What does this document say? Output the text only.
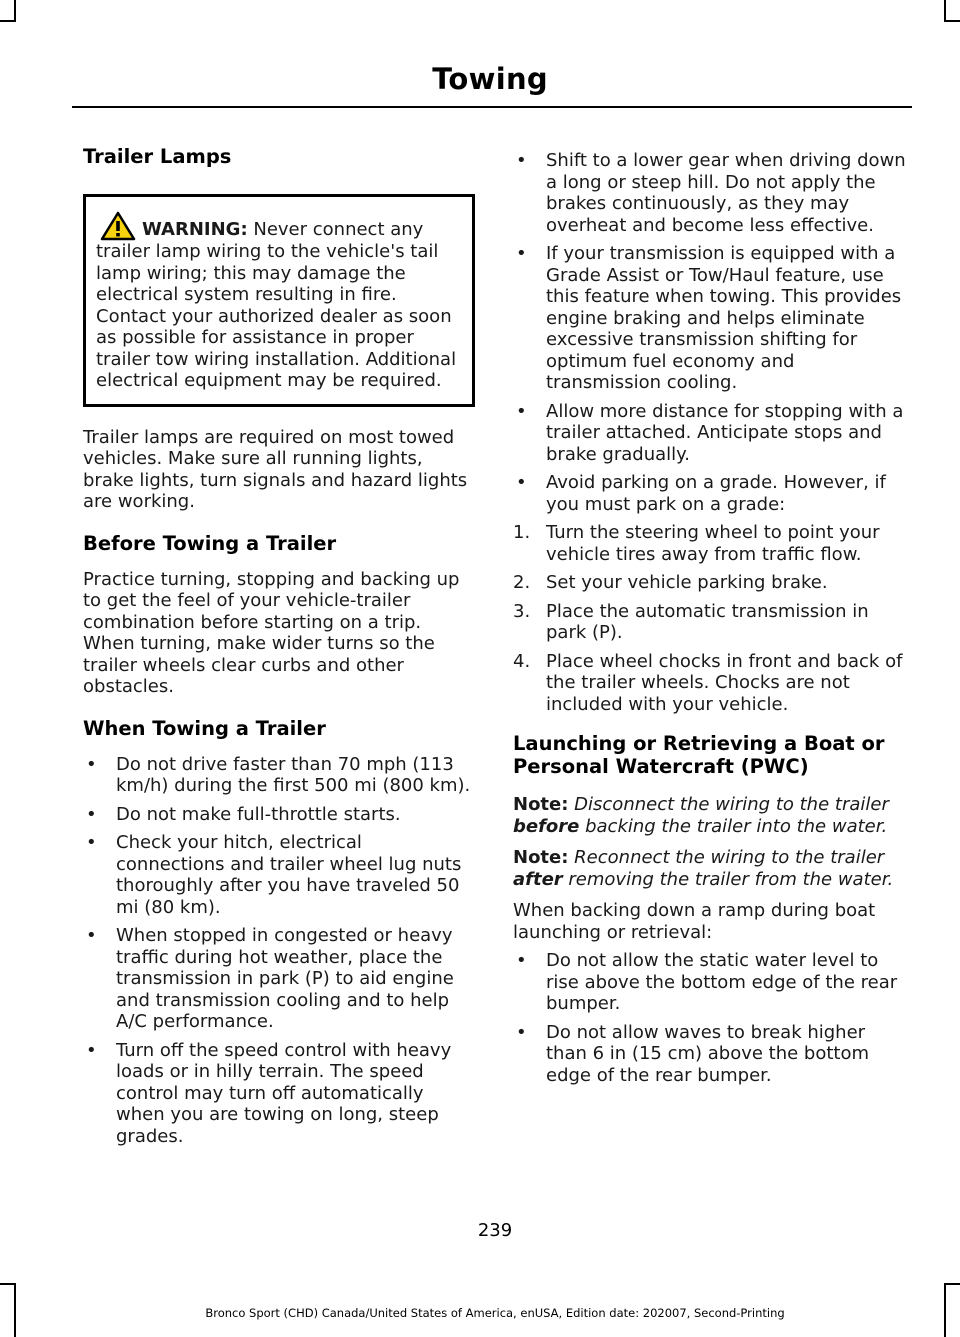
Towing
Trailer Lamps
WARNING: Never connect any trailer lamp wiring to the vehicle's tail lamp wiring; this may damage the electrical system resulting in fire. Contact your authorized dealer as soon as possible for assistance in proper trailer tow wiring installation. Additional electrical equipment may be required.

Trailer lamps are required on most towed vehicles. Make sure all running lights, brake lights, turn signals and hazard lights are working.

Before Towing a Trailer

Practice turning, stopping and backing up to get the feel of your vehicle-trailer combination before starting on a trip. When turning, make wider turns so the trailer wheels clear curbs and other obstacles.

When Towing a Trailer
• Do not drive faster than 70 mph (113 km/h) during the first 500 mi (800 km).
• Do not make full-throttle starts.
• Check your hitch, electrical connections and trailer wheel lug nuts thoroughly after you have traveled 50 mi (80 km).
• When stopped in congested or heavy traffic during hot weather, place the transmission in park (P) to aid engine and transmission cooling and to help A/C performance.
• Turn off the speed control with heavy loads or in hilly terrain. The speed control may turn off automatically when you are towing on long, steep grades.
• Shift to a lower gear when driving down a long or steep hill. Do not apply the brakes continuously, as they may overheat and become less effective.
• If your transmission is equipped with a Grade Assist or Tow/Haul feature, use this feature when towing. This provides engine braking and helps eliminate excessive transmission shifting for optimum fuel economy and transmission cooling.
• Allow more distance for stopping with a trailer attached. Anticipate stops and brake gradually.
• Avoid parking on a grade. However, if you must park on a grade:
1. Turn the steering wheel to point your vehicle tires away from traffic flow.
2. Set your vehicle parking brake.
3. Place the automatic transmission in park (P).
4. Place wheel chocks in front and back of the trailer wheels. Chocks are not included with your vehicle.
Launching or Retrieving a Boat or Personal Watercraft (PWC)

Note: Disconnect the wiring to the trailer before backing the trailer into the water.

Note: Reconnect the wiring to the trailer after removing the trailer from the water.

When backing down a ramp during boat launching or retrieval:

• Do not allow the static water level to rise above the bottom edge of the rear bumper.
• Do not allow waves to break higher than 6 in (15 cm) above the bottom edge of the rear bumper.
239
Bronco Sport (CHD) Canada/United States of America, enUSA, Edition date: 202007, Second-Printing
